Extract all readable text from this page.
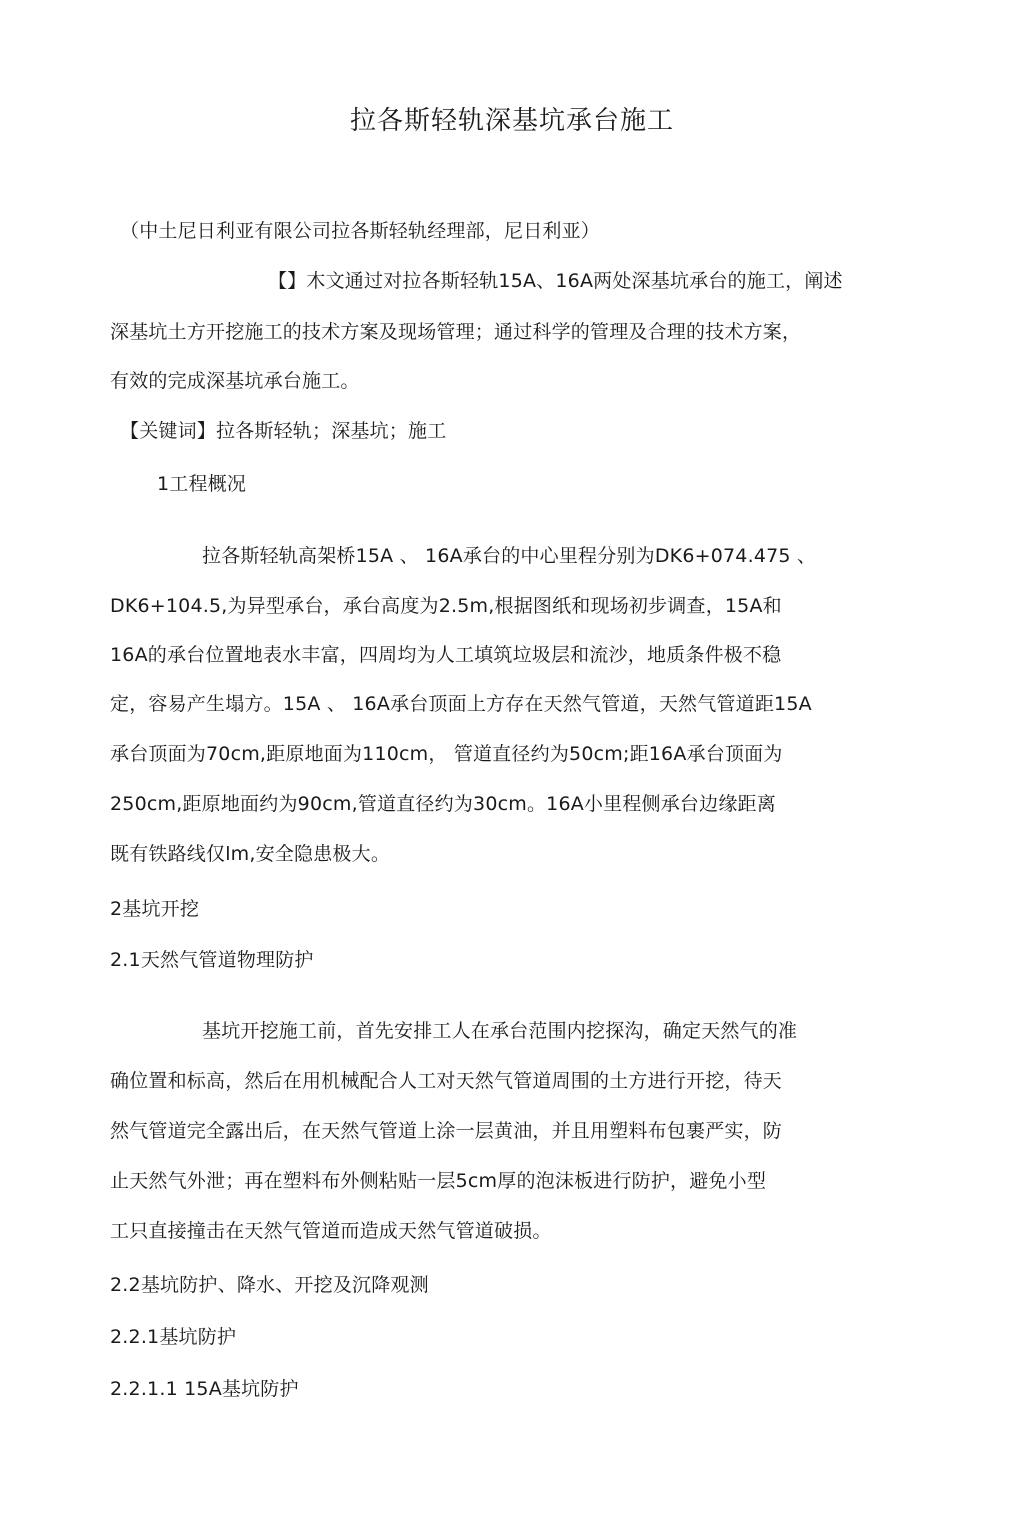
拉各斯轻轨深基坑承台施工
（中土尼日利亚有限公司拉各斯轻轨经理部，尼日利亚）
【】木文通过对拉各斯轻轨15A、16A两处深基坑承台的施工，阐述
深基坑土方开挖施工的技术方案及现场管理；通过科学的管理及合理的技术方案，
有效的完成深基坑承台施工。
【关键词】拉各斯轻轨；深基坑；施工
1工程概况
拉各斯轻轨高架桥15A 、 16A承台的中心里程分别为DK6+074.475 、
DK6+104.5,为异型承台，承台高度为2.5m,根据图纸和现场初步调查，15A和
16A的承台位置地表水丰富，四周均为人工填筑垃圾层和流沙，地质条件极不稳
定，容易产生塌方。15A 、 16A承台顶面上方存在天然气管道，天然气管道距15A
承台顶面为70cm,距原地面为110cm， 管道直径约为50cm;距16A承台顶面为
250cm,距原地面约为90cm,管道直径约为30cm。16A小里程侧承台边缘距离
既有铁路线仅lm,安全隐患极大。
2基坑开挖
2.1天然气管道物理防护
基坑开挖施工前，首先安排工人在承台范围内挖探沟，确定天然气的准
确位置和标高，然后在用机械配合人工对天然气管道周围的土方进行开挖，待天
然气管道完全露出后，在天然气管道上涂一层黄油，并且用塑料布包裹严实，防
止天然气外泄；再在塑料布外侧粘贴一层5cm厚的泡沫板进行防护，避免小型
工只直接撞击在天然气管道而造成天然气管道破损。
2.2基坑防护、降水、开挖及沉降观测
2.2.1基坑防护
2.2.1.1 15A基坑防护
